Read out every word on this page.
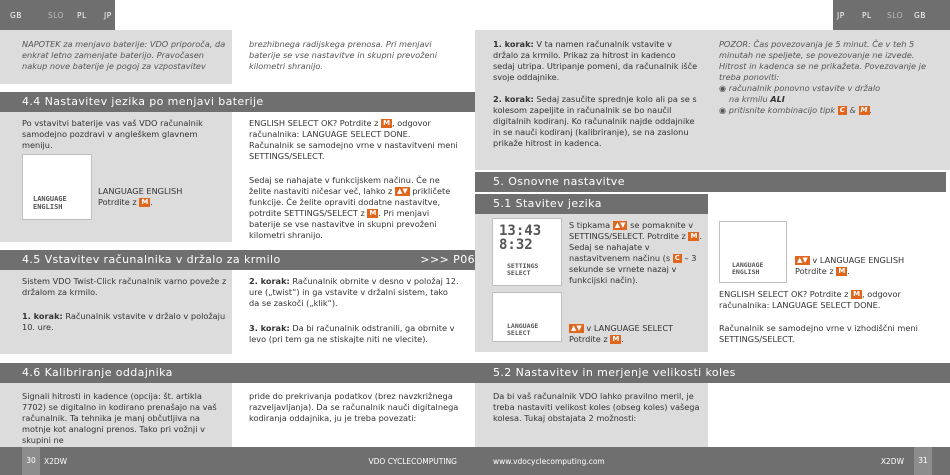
GB	SLO PL JP	JP PL SLO GB
NAPOTEK za menjavo baterije: VDO priporoča, da enkrat letno zamenjate baterijo. Pravočasen nakup nove baterije je pogoj za vzpostavitev
brezhibnega radijskega prenosa. Pri menjavi baterije se vse nastavitve in skupni prevoženi kilometri shranijo.
4.4 Nastavitev jezika po menjavi baterije
Po vstavitvi baterije vas vaš VDO računalnik samodejno pozdravi v angleškem glavnem meniju.
LANGUAGE
ENGLISH
LANGUAGE ENGLISH
Potrdite z M .
ENGLISH SELECT OK? Potrdite z M , odgovor računalnika: LANGUAGE SELECT DONE.
Računalnik se samodejno vrne v nastavitveni meni SETTINGS/SELECT.
Sedaj se nahajate v funkcijskem načinu. Če ne želite nastaviti ničesar več, lahko z ▲▼ prikličete funkcije. Če želite opraviti dodatne nastavitve, potrdite SETTINGS/SELECT z M . Pri menjavi baterije se vse nastavitve in skupni prevoženi kilometri shranijo.
4.5 Vstavitev računalnika v držalo za krmilo	>>> P06
Sistem VDO Twist-Click računalnik varno poveže z držalom za krmilo.
1. korak: Računalnik vstavite v držalo v položaju 10. ure.
2. korak: Računalnik obrnite v desno v položaj 12. ure („twist“) in ga vstavite v držalni sistem, tako da se zaskoči („klik“).
3. korak: Da bi računalnik odstranili, ga obrnite v levo (pri tem ga ne stiskajte niti ne vlecite).
4.6 Kalibriranje oddajnika
Signali hitrosti in kadence (opcija: št. artikla 7702) se digitalno in kodirano prenašajo na vaš računalnik. Ta tehnika je manj občutljiva na motnje kot analogni prenos. Tako pri vožnji v skupini ne
pride do prekrivanja podatkov (brez navzkrižnega razveljavljanja). Da se računalnik nauči digitalnega kodiranja oddajnika, ju je treba povezati:
1. korak: V ta namen računalnik vstavite v držalo za krmilo. Prikaz za hitrost in kadenco sedaj utripa. Utripanje pomeni, da računalnik išče svoje oddajnike.
2. korak: Sedaj zasučite sprednje kolo ali pa se s kolesom zapeljite in računalnik se bo naučil digitalnih kodiranj. Ko računalnik najde oddajnike in se nauči kodiranj (kalibriranje), se na zaslonu prikaže hitrost in kadenca.
POZOR: Čas povezovanja je 5 minut. Če v teh 5 minutah ne speljete, se povezovanje ne izvede. Hitrost in kadenca se ne prikažeta. Povezovanje je treba ponoviti:
◉ računalnik ponovno vstavite v držalo
na krmilu ALI
◉ pritisnite kombinacijo tipk C & M .
5. Osnovne nastavitve
5.1 Stavitev jezika
13:43 8:32
SETTINGS
SELECT
LANGUAGE
SELECT
S tipkama ▲▼ se pomaknite v SETTINGS/SELECT. Potrdite z M . Sedaj se nahajate v nastavitvenem načinu (s C – 3 sekunde se vrnete nazaj v funkcijski način).
▲▼ v LANGUAGE SELECT
Potrdite z M .
LANGUAGE
ENGLISH
▲▼ v LANGUAGE ENGLISH
Potrdite z M .
ENGLISH SELECT OK? Potrdite z M , odgovor računalnika: LANGUAGE SELECT DONE.
Računalnik se samodejno vrne v izhodiščni meni SETTINGS/SELECT.
5.2 Nastavitev in merjenje velikosti koles
Da bi vaš računalnik VDO lahko pravilno meril, je treba nastaviti velikost koles (obseg koles) vašega kolesa. Tukaj obstajata 2 možnosti:
30	X2DW	VDO CYCLECOMPUTING	www.vdocyclecomputing.com	X2DW	31
